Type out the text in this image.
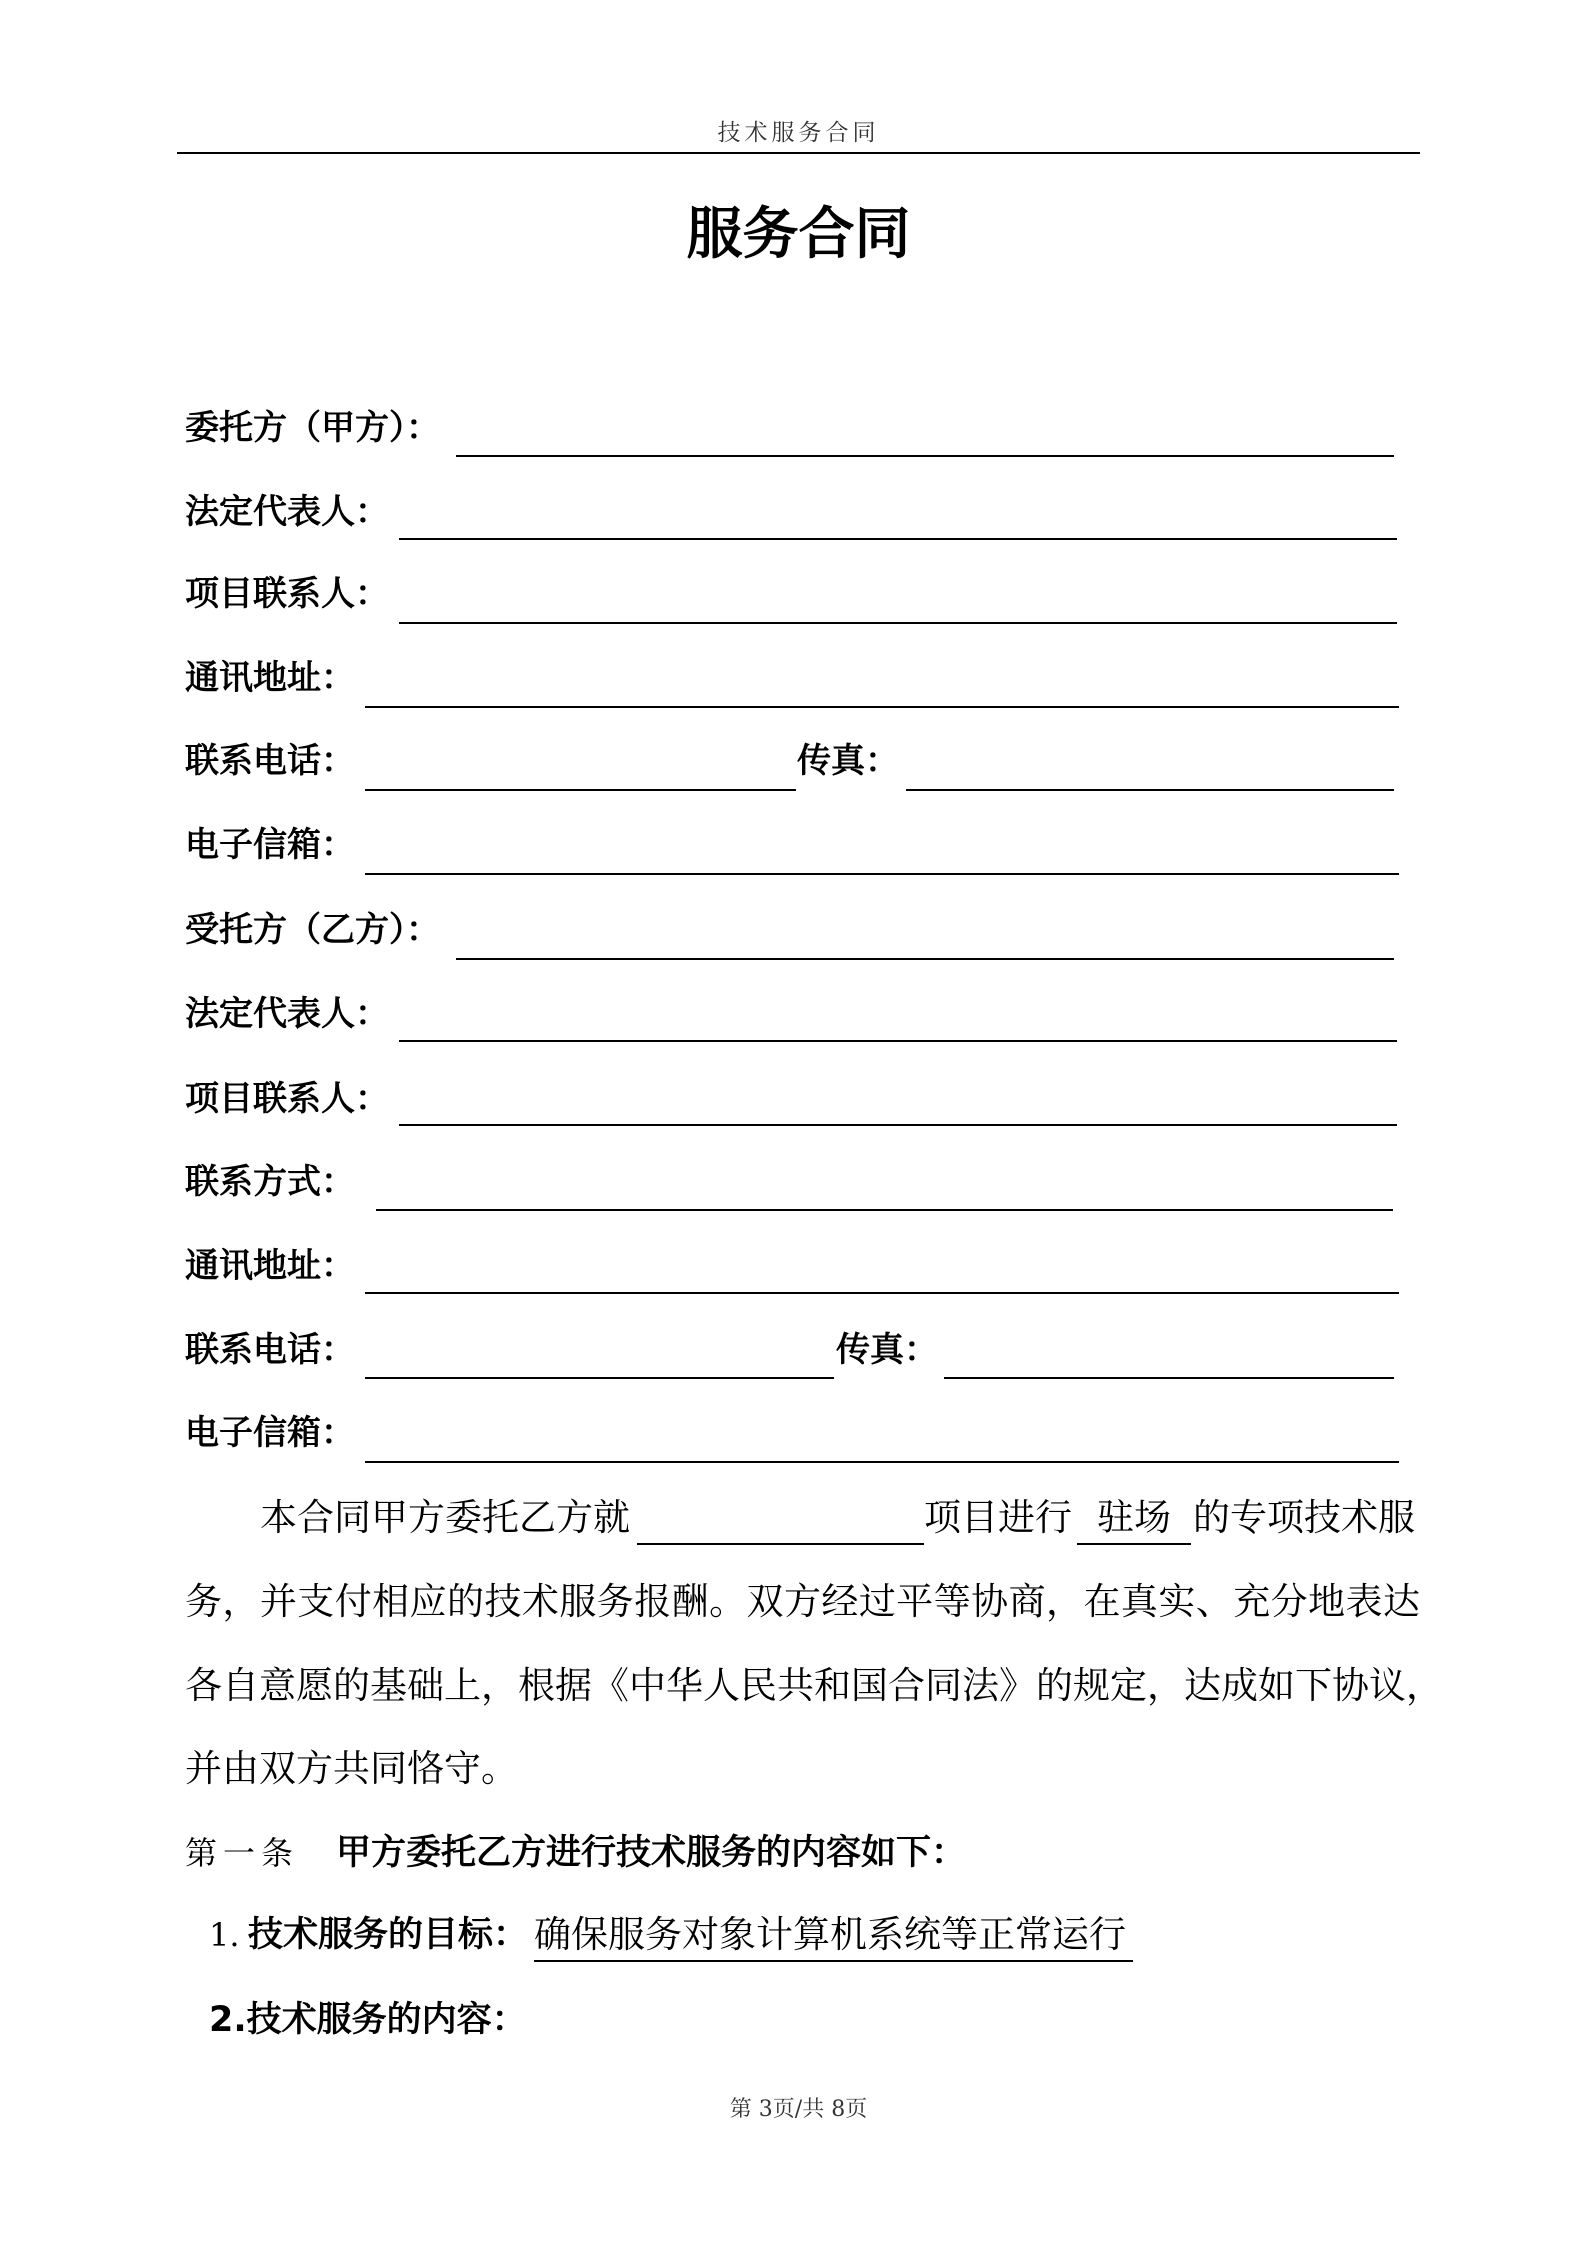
技术服务合同
服务合同
委托方（甲方）：
法定代表人：
项目联系人：
通讯地址：
联系电话：	传真：
电子信箱：
受托方（乙方）：
法定代表人：
项目联系人：
联系方式：
通讯地址：
联系电话：	传真：
电子信箱：
本合同甲方委托乙方就	项目进行 驻场 的专项技术服
务，并支付相应的技术服务报酬。双方经过平等协商，在真实、充分地表达
各自意愿的基础上，根据《中华人民共和国合同法》的规定，达成如下协议，
并由双方共同恪守。
第一条 甲方委托乙方进行技术服务的内容如下：
1. 技术服务的目标： 确保服务对象计算机系统等正常运行
2.技术服务的内容：
第 3页/共 8页
